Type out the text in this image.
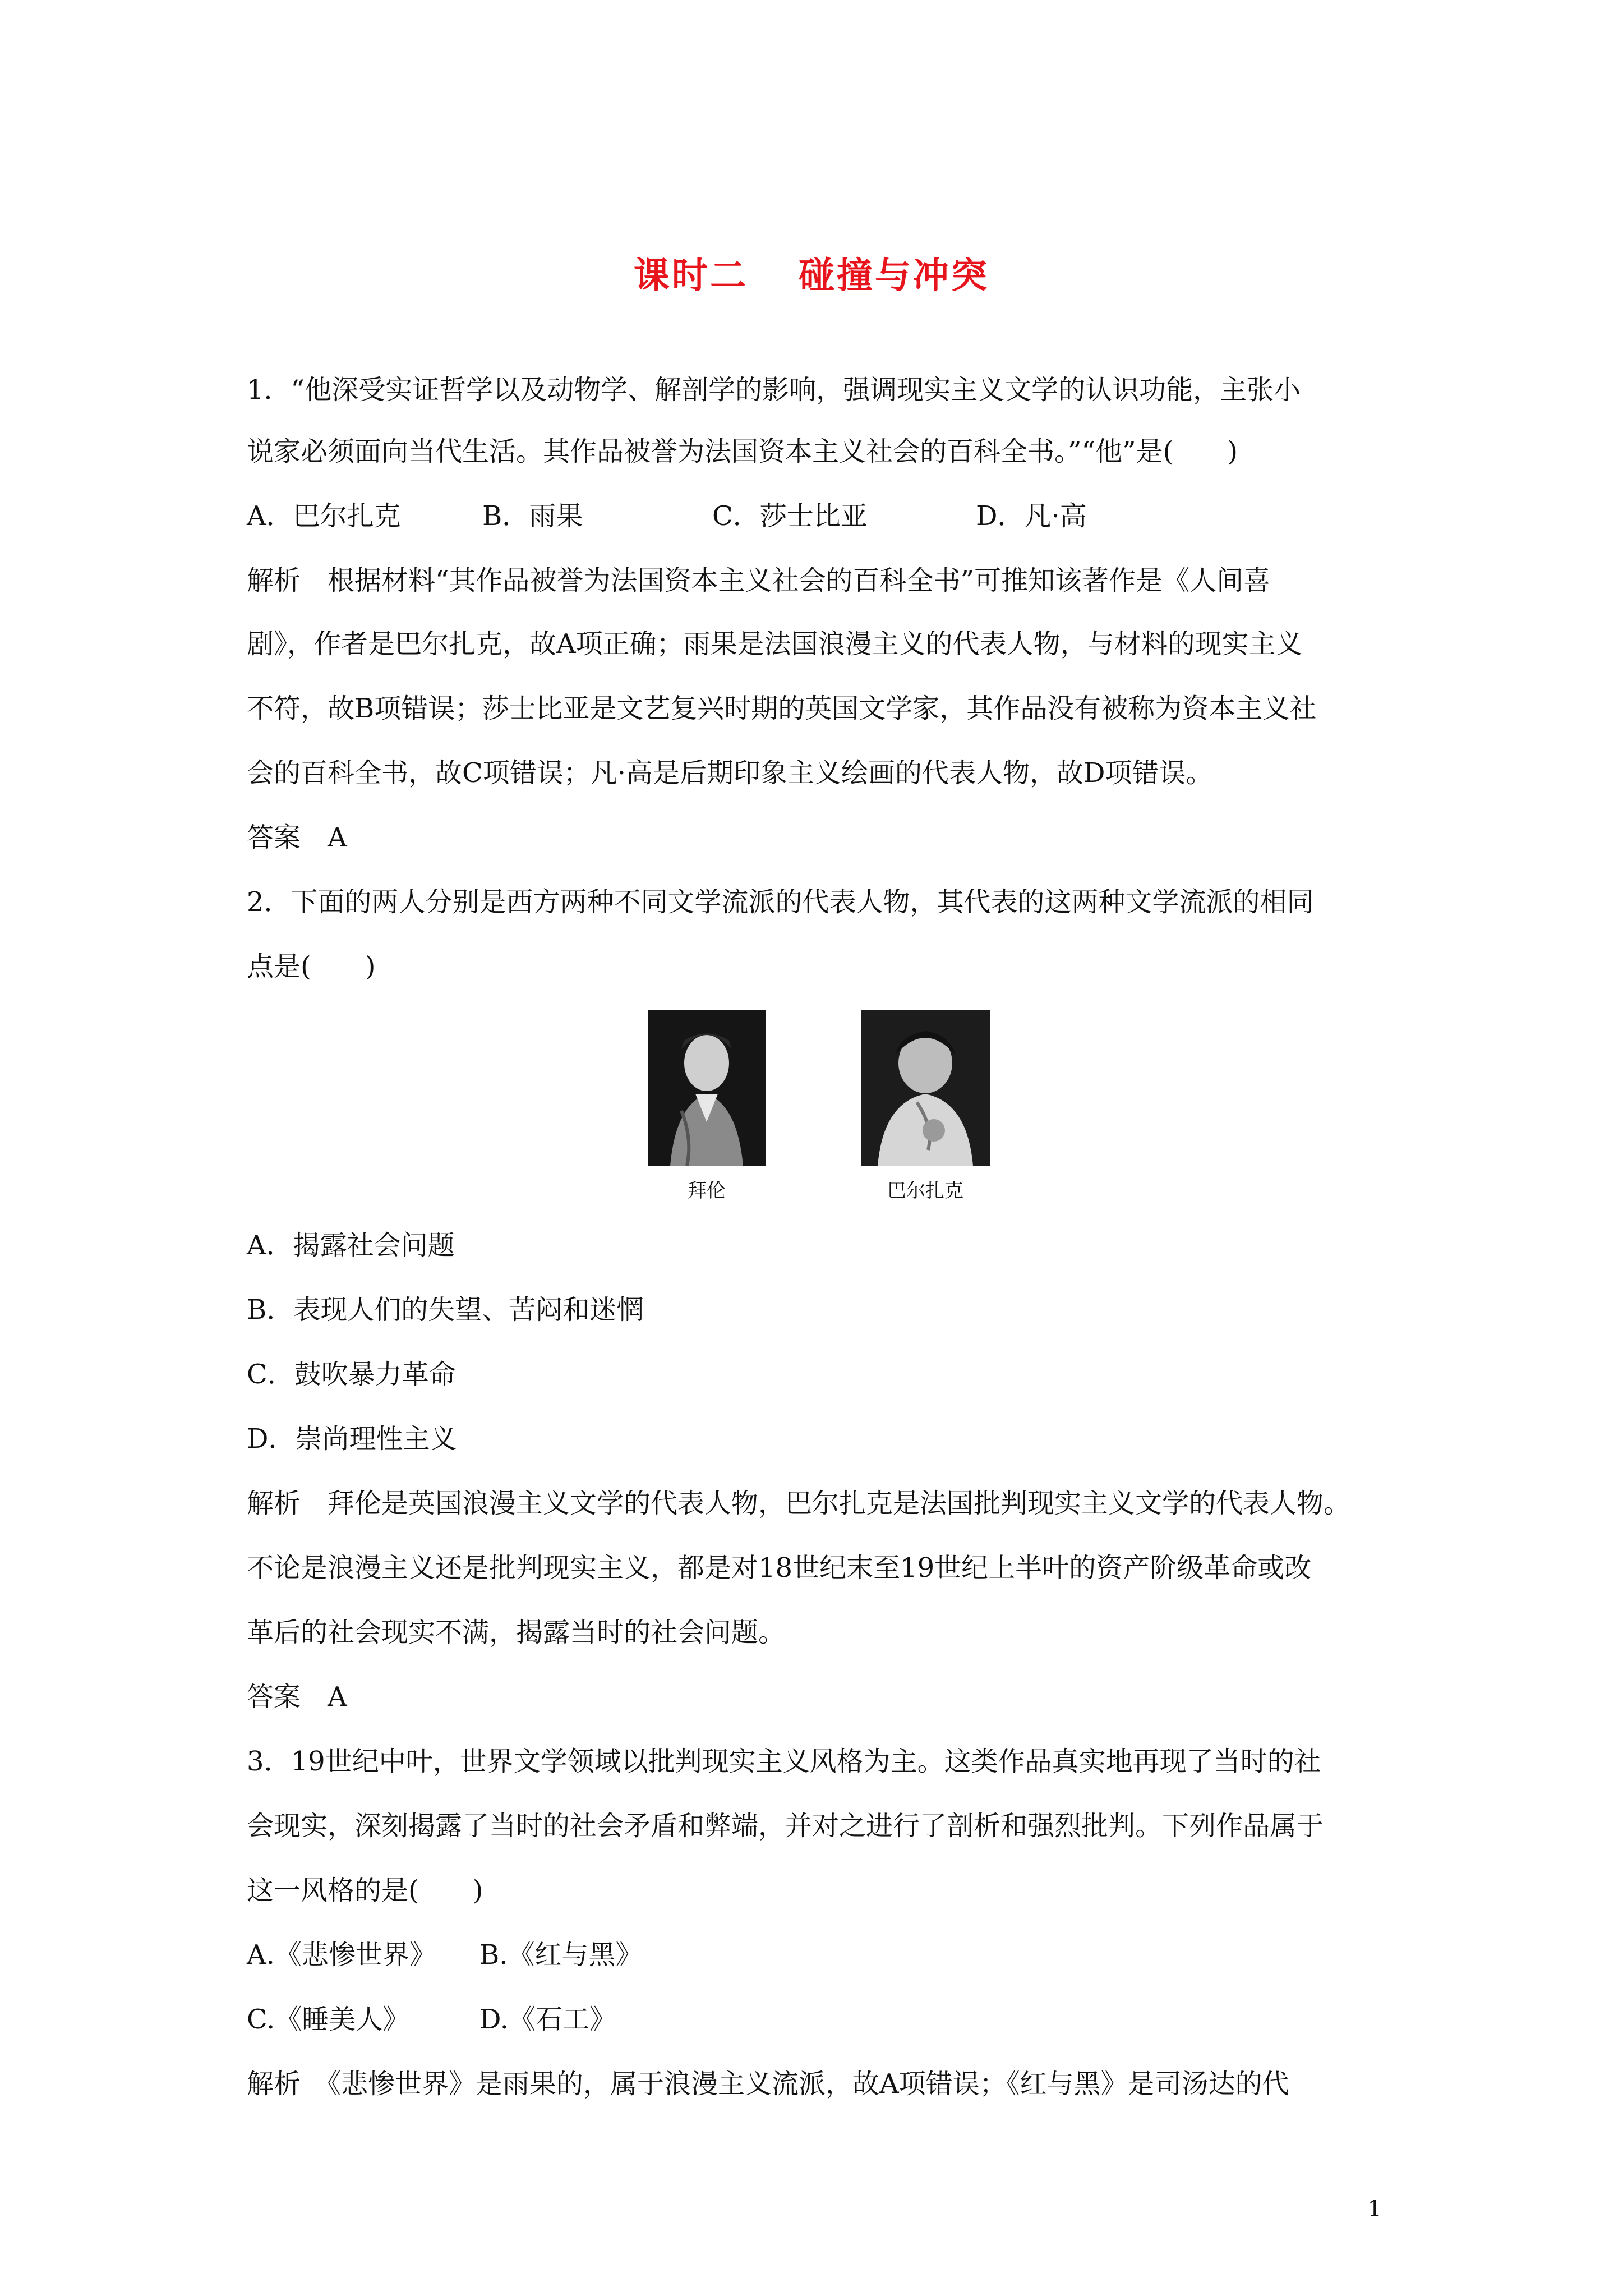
课时二 碰撞与冲突
1．“他深受实证哲学以及动物学、解剖学的影响，强调现实主义文学的认识功能，主张小
说家必须面向当代生活。其作品被誉为法国资本主义社会的百科全书。”“他”是(　　)
A．巴尔扎克	B．雨果	C．莎士比亚	D．凡·高
解析　根据材料“其作品被誉为法国资本主义社会的百科全书”可推知该著作是《人间喜
剧》，作者是巴尔扎克，故A项正确；雨果是法国浪漫主义的代表人物，与材料的现实主义
不符，故B项错误；莎士比亚是文艺复兴时期的英国文学家，其作品没有被称为资本主义社
会的百科全书，故C项错误；凡·高是后期印象主义绘画的代表人物，故D项错误。
答案　A
2．下面的两人分别是西方两种不同文学流派的代表人物，其代表的这两种文学流派的相同
点是(　　)
拜伦	巴尔扎克
A．揭露社会问题
B．表现人们的失望、苦闷和迷惘
C．鼓吹暴力革命
D．崇尚理性主义
解析　拜伦是英国浪漫主义文学的代表人物，巴尔扎克是法国批判现实主义文学的代表人物。
不论是浪漫主义还是批判现实主义，都是对18世纪末至19世纪上半叶的资产阶级革命或改
革后的社会现实不满，揭露当时的社会问题。
答案　A
3．19世纪中叶，世界文学领域以批判现实主义风格为主。这类作品真实地再现了当时的社
会现实，深刻揭露了当时的社会矛盾和弊端，并对之进行了剖析和强烈批判。下列作品属于
这一风格的是(　　)
A.《悲惨世界》 B.《红与黑》
C.《睡美人》	D.《石工》
解析　《悲惨世界》是雨果的，属于浪漫主义流派，故A项错误；《红与黑》是司汤达的代
1
